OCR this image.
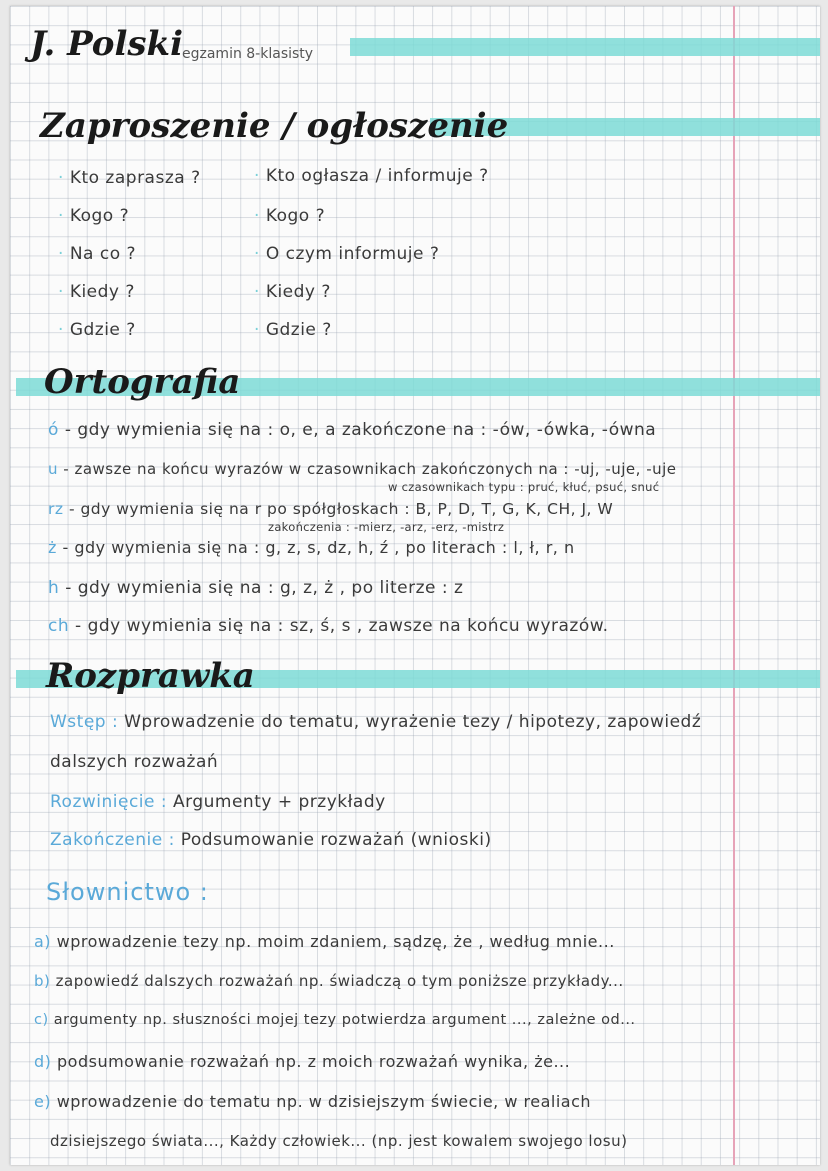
J. Polski egzamin 8-klasisty
Zaproszenie / ogłoszenie
· Kto zaprasza ?
· Kogo ?
· Na co ?
· Kiedy ?
· Gdzie ?
· Kto ogłasza / informuje ?
· Kogo ?
· O czym informuje ?
· Kiedy ?
· Gdzie ?
Ortografia
ó - gdy wymienia się na : o, e, a zakończone na : -ów, -ówka, -ówna
u - zawsze na końcu wyrazów w czasownikach zakończonych na : -uj, -uje, -uje
w czasownikach typu : pruć, kłuć, psuć, snuć
rz - gdy wymienia się na r po spółgłoskach : B, P, D, T, G, K, CH, J, W
zakończenia : -mierz, -arz, -erz, -mistrz
ż - gdy wymienia się na : g, z, s, dz, h, ź , po literach : l, ł, r, n
h - gdy wymienia się na : g, z, ż , po literze : z
ch - gdy wymienia się na : sz, ś, s , zawsze na końcu wyrazów.
Rozprawka
Wstęp : Wprowadzenie do tematu, wyrażenie tezy / hipotezy, zapowiedź
dalszych rozważań
Rozwinięcie : Argumenty + przykłady
Zakończenie : Podsumowanie rozważań (wnioski)
Słownictwo :
a) wprowadzenie tezy np. moim zdaniem, sądzę, że , według mnie...
b) zapowiedź dalszych rozważań np. świadczą o tym poniższe przykłady...
c) argumenty np. słuszności mojej tezy potwierdza argument ..., zależne od...
d) podsumowanie rozważań np. z moich rozważań wynika, że...
e) wprowadzenie do tematu np. w dzisiejszym świecie, w realiach
dzisiejszego świata..., Każdy człowiek... (np. jest kowalem swojego losu)
